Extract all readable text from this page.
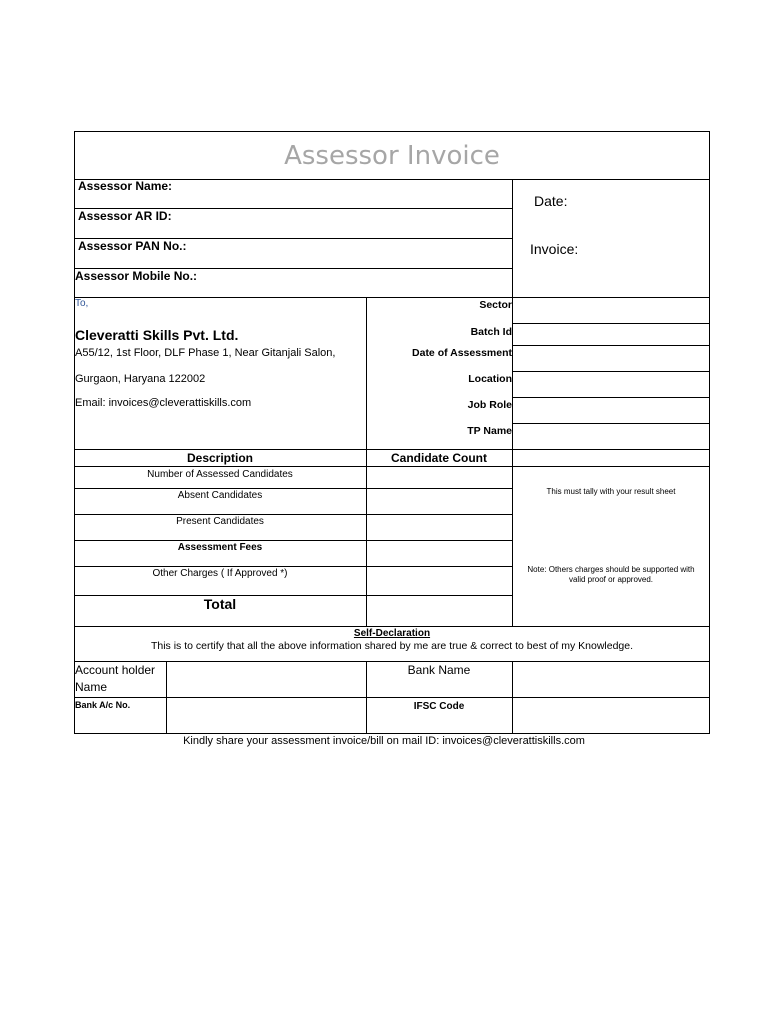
Assessor Invoice
Assessor Name:
Assessor AR ID:
Assessor PAN No.:
Assessor Mobile No.:
Date:
Invoice:
To,
Cleveratti Skills Pvt. Ltd.
A55/12, 1st Floor, DLF Phase 1, Near Gitanjali Salon,
Gurgaon, Haryana 122002
Email: invoices@cleverattiskills.com
Sector
Batch Id
Date of Assessment
Location
Job Role
TP Name
Description	Candidate Count
Number of Assessed Candidates
Absent Candidates
Present Candidates
Assessment Fees
Other Charges ( If Approved *)
Total
This must tally with your result sheet
Note: Others charges should be supported with
valid proof or approved.
Self-Declaration
This is to certify that all the above information shared by me are true & correct to best of my Knowledge.
Account holder
Name
Bank Name
Bank A/c No.	IFSC Code
Kindly share your assessment invoice/bill on mail ID: invoices@cleverattiskills.com
